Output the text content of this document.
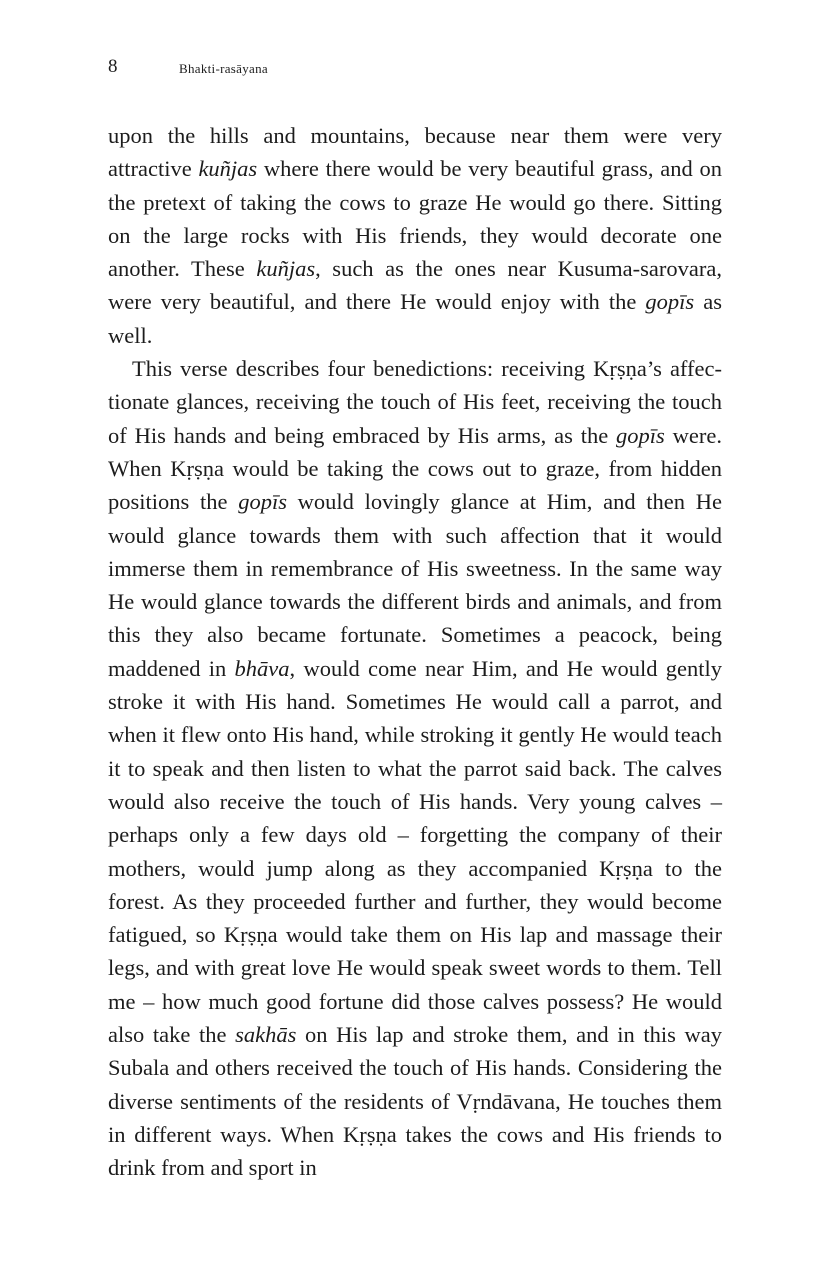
8	Bhakti-rasāyana

upon the hills and mountains, because near them were very attractive kuñjas where there would be very beautiful grass, and on the pretext of taking the cows to graze He would go there. Sitting on the large rocks with His friends, they would decorate one another. These kuñjas, such as the ones near Kusuma-sarovara, were very beautiful, and there He would enjoy with the gopīs as well.

This verse describes four benedictions: receiving Kṛṣṇa’s affectionate glances, receiving the touch of His feet, receiving the touch of His hands and being embraced by His arms, as the gopīs were. When Kṛṣṇa would be taking the cows out to graze, from hidden positions the gopīs would lovingly glance at Him, and then He would glance towards them with such affection that it would immerse them in remembrance of His sweetness. In the same way He would glance towards the different birds and animals, and from this they also became fortunate. Sometimes a peacock, being maddened in bhāva, would come near Him, and He would gently stroke it with His hand. Sometimes He would call a parrot, and when it flew onto His hand, while stroking it gently He would teach it to speak and then listen to what the parrot said back. The calves would also receive the touch of His hands. Very young calves – perhaps only a few days old – forgetting the company of their mothers, would jump along as they accompanied Kṛṣṇa to the forest. As they proceeded further and further, they would become fatigued, so Kṛṣṇa would take them on His lap and massage their legs, and with great love He would speak sweet words to them. Tell me – how much good fortune did those calves possess? He would also take the sakhās on His lap and stroke them, and in this way Subala and others received the touch of His hands. Considering the diverse sentiments of the residents of Vṛndāvana, He touches them in different ways. When Kṛṣṇa takes the cows and His friends to drink from and sport in
